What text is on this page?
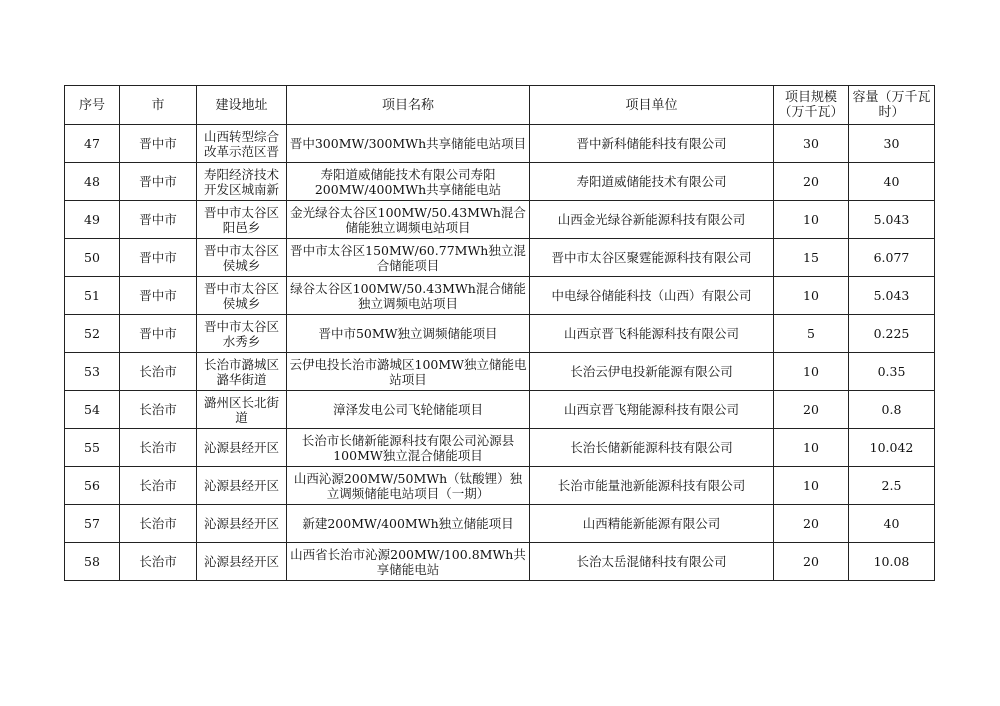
序号	市	建设地址	项目名称	项目单位	项目规模（万千瓦）	容量（万千瓦时）

47	晋中市	山西转型综合改革示范区晋	晋中300MW/300MWh共享储能电站项目	晋中新科储能科技有限公司	30	30

48	晋中市	寿阳经济技术开发区城南新	寿阳道威储能技术有限公司寿阳200MW/400MWh共享储能电站	寿阳道威储能技术有限公司	20	40

49	晋中市	晋中市太谷区阳邑乡	金光绿谷太谷区100MW/50.43MWh混合储能独立调频电站项目	山西金光绿谷新能源科技有限公司	10	5.043

50	晋中市	晋中市太谷区侯城乡	晋中市太谷区150MW/60.77MWh独立混合储能项目	晋中市太谷区聚霆能源科技有限公司	15	6.077

51	晋中市	晋中市太谷区侯城乡	绿谷太谷区100MW/50.43MWh混合储能独立调频电站项目	中电绿谷储能科技（山西）有限公司	10	5.043

52	晋中市	晋中市太谷区水秀乡	晋中市50MW独立调频储能项目	山西京晋飞科能源科技有限公司	5	0.225

53	长治市	长治市潞城区潞华街道	云伊电投长治市潞城区100MW独立储能电站项目	长治云伊电投新能源有限公司	10	0.35

54	长治市	潞州区长北街道	漳泽发电公司飞轮储能项目	山西京晋飞翔能源科技有限公司	20	0.8

55	长治市	沁源县经开区	长治市长储新能源科技有限公司沁源县100MW独立混合储能项目	长治长储新能源科技有限公司	10	10.042

56	长治市	沁源县经开区	山西沁源200MW/50MWh（钛酸锂）独立调频储能电站项目（一期）	长治市能量池新能源科技有限公司	10	2.5

57	长治市	沁源县经开区	新建200MW/400MWh独立储能项目	山西精能新能源有限公司	20	40

58	长治市	沁源县经开区	山西省长治市沁源200MW/100.8MWh共享储能电站	长治太岳混储科技有限公司	20	10.08
